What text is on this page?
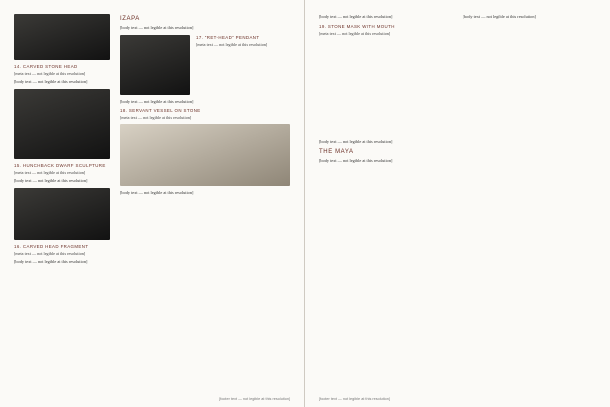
14. CARVED STONE HEAD

[meta text — not legible at this resolution]

[body text — not legible at this resolution]

15. HUNCHBACK DWARF SCULPTURE

[meta text — not legible at this resolution]

[body text — not legible at this resolution]

16. CARVED HEAD FRAGMENT

[meta text — not legible at this resolution]

[body text — not legible at this resolution]

IZAPA

[body text — not legible at this resolution]

17. “RET-HEAD” PENDANT

[meta text — not legible at this resolution]

[body text — not legible at this resolution]

18. SERVANT VESSEL ON STONE

[meta text — not legible at this resolution]

[body text — not legible at this resolution]

[footer text — not legible at this resolution]

[body text — not legible at this resolution]

19. STONE MASK WITH MOUTH

[meta text — not legible at this resolution]

[body text — not legible at this resolution]

THE MAYA

[body text — not legible at this resolution]

[body text — not legible at this resolution]

[footer text — not legible at this resolution]
